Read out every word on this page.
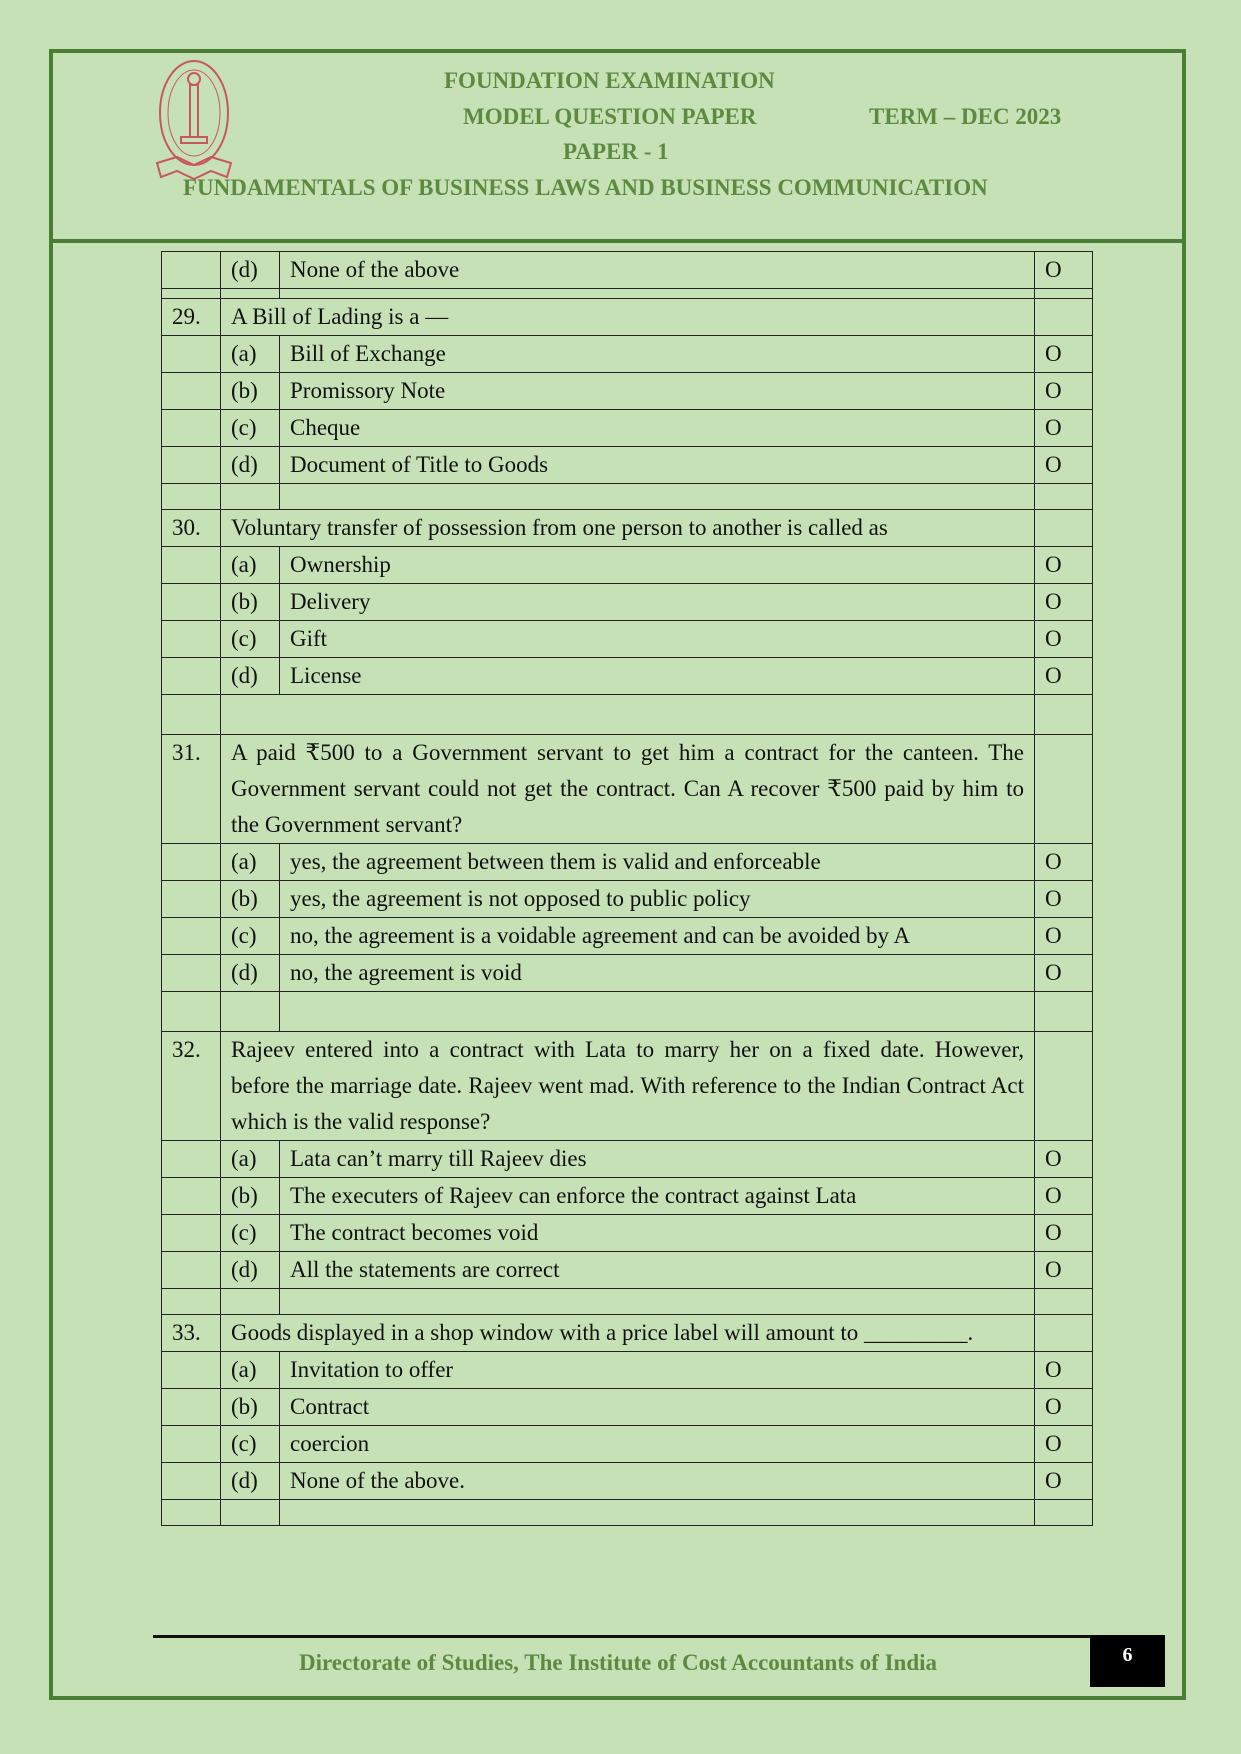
FOUNDATION EXAMINATION
MODEL QUESTION PAPER	TERM – DEC 2023
PAPER - 1
FUNDAMENTALS OF BUSINESS LAWS AND BUSINESS COMMUNICATION
	(d)	None of the above	O

29.	A Bill of Lading is a —		
	(a)	Bill of Exchange	O
	(b)	Promissory Note	O
	(c)	Cheque	O
	(d)	Document of Title to Goods	O

30.	Voluntary transfer of possession from one person to another is called as		
	(a)	Ownership	O
	(b)	Delivery	O
	(c)	Gift	O
	(d)	License	O

31.	A paid ₹500 to a Government servant to get him a contract for the canteen. The Government servant could not get the contract. Can A recover ₹500 paid by him to the Government servant?		
	(a)	yes, the agreement between them is valid and enforceable	O
	(b)	yes, the agreement is not opposed to public policy	O
	(c)	no, the agreement is a voidable agreement and can be avoided by A	O
	(d)	no, the agreement is void	O

32.	Rajeev entered into a contract with Lata to marry her on a fixed date. However, before the marriage date. Rajeev went mad. With reference to the Indian Contract Act which is the valid response?		
	(a)	Lata can’t marry till Rajeev dies	O
	(b)	The executers of Rajeev can enforce the contract against Lata	O
	(c)	The contract becomes void	O
	(d)	All the statements are correct	O

33.	Goods displayed in a shop window with a price label will amount to _________.		
	(a)	Invitation to offer	O
	(b)	Contract	O
	(c)	coercion	O
	(d)	None of the above.	O

Directorate of Studies, The Institute of Cost Accountants of India	6
